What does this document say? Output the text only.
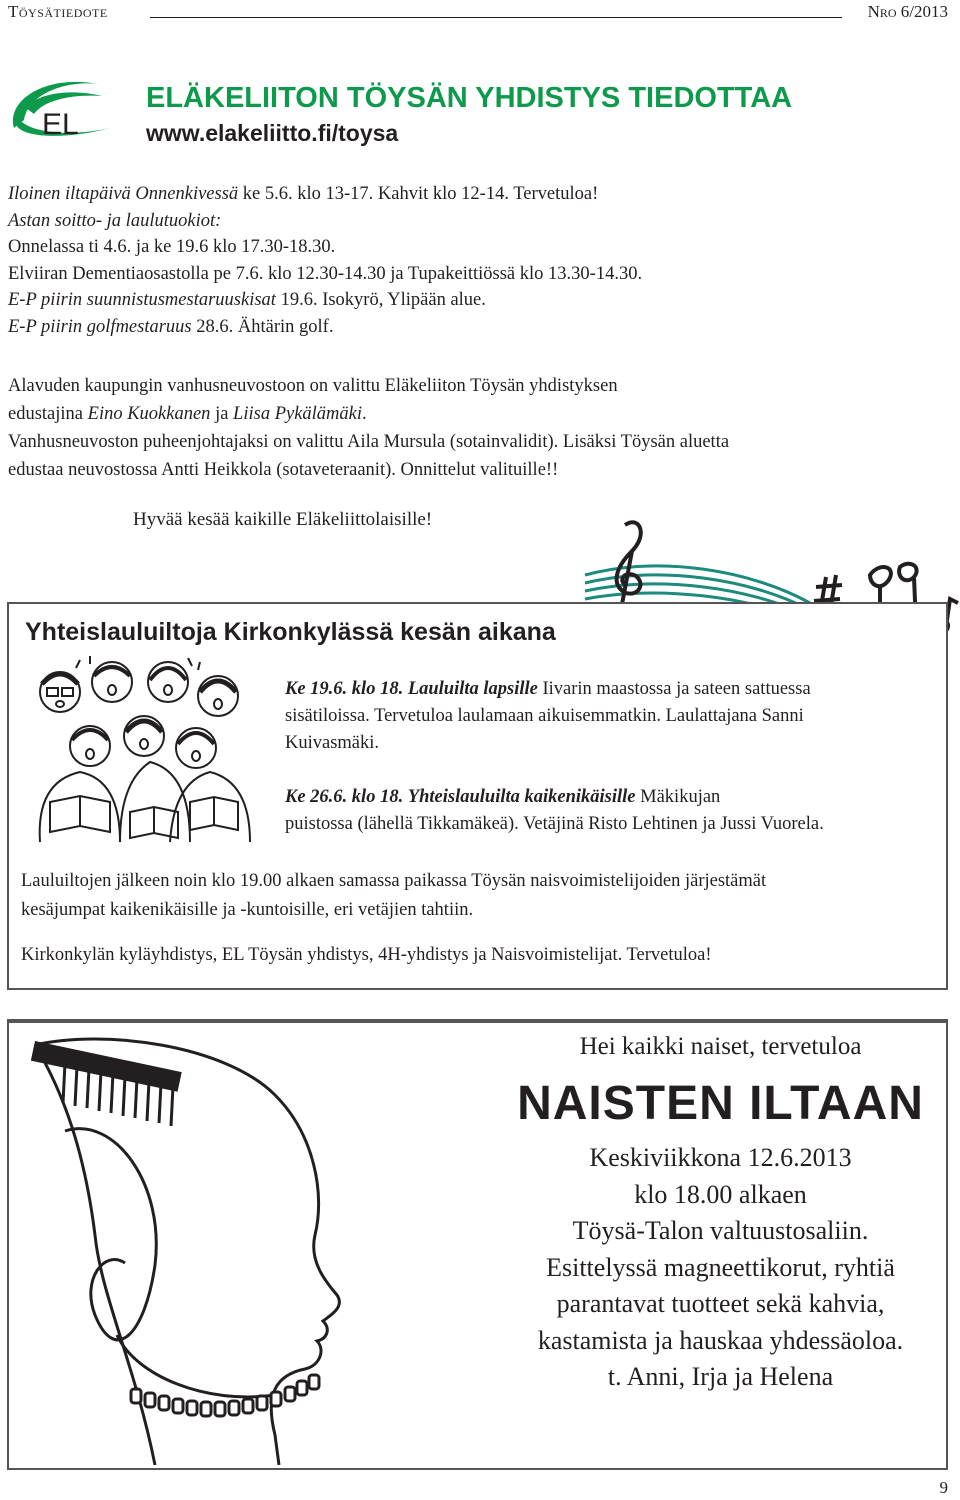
Töysätiedote	Nro 6/2013
EL
ELÄKELIITON TÖYSÄN YHDISTYS TIEDOTTAA
www.elakeliitto.fi/toysa
Iloinen iltapäivä Onnenkivessä ke 5.6. klo 13-17. Kahvit klo 12-14. Tervetuloa!
Astan soitto- ja laulutuokiot:
Onnelassa ti 4.6. ja ke 19.6 klo 17.30-18.30.
Elviiran Dementiaosastolla pe 7.6. klo 12.30-14.30 ja Tupakeittiössä klo 13.30-14.30.
E-P piirin suunnistusmestaruuskisat 19.6. Isokyrö, Ylipään alue.
E-P piirin golfmestaruus 28.6. Ähtärin golf.

Alavuden kaupungin vanhusneuvostoon on valittu Eläkeliiton Töysän yhdistyksen

edustajina Eino Kuokkanen ja Liisa Pykälämäki.

Vanhusneuvoston puheenjohtajaksi on valittu Aila Mursula (sotainvalidit). Lisäksi Töysän aluetta

edustaa neuvostossa Antti Heikkola (sotaveteraanit). Onnittelut valituille!!

Hyvää kesää kaikille Eläkeliittolaisille!
Yhteislauluiltoja Kirkonkylässä kesän aikana

Ke 19.6. klo 18. Lauluilta lapsille Iivarin maastossa ja sateen sattuessa

sisätiloissa. Tervetuloa laulamaan aikuisemmatkin. Laulattajana Sanni

Kuivasmäki.

Ke 26.6. klo 18. Yhteislauluilta kaikenikäisille Mäkikujan

puistossa (lähellä Tikkamäkeä). Vetäjinä Risto Lehtinen ja Jussi Vuorela.

Lauluiltojen jälkeen noin klo 19.00 alkaen samassa paikassa Töysän naisvoimistelijoiden järjestämät

kesäjumpat kaikenikäisille ja -kuntoisille, eri vetäjien tahtiin.

Kirkonkylän kyläyhdistys, EL Töysän yhdistys, 4H-yhdistys ja Naisvoimistelijat. Tervetuloa!
Hei kaikki naiset, tervetuloa
NAISTEN ILTAAN

Keskiviikkona 12.6.2013

klo 18.00 alkaen

Töysä-Talon valtuustosaliin.

Esittelyssä magneettikorut, ryhtiä

parantavat tuotteet sekä kahvia,

kastamista ja hauskaa yhdessäoloa.

t. Anni, Irja ja Helena

9
